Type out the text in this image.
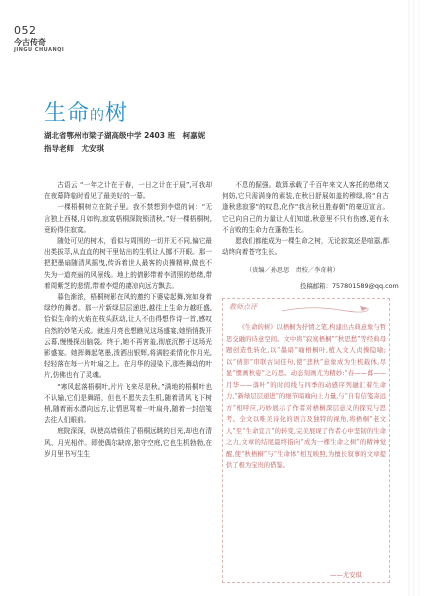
052
今古传奇
JINGU CHUANQI
生命的树
湖北省鄂州市梁子湖高级中学 2403 班　柯嘉妮
指导老师　尤安琪

古语云 “一年之计在于春，一日之计在于晨”,可我却在夜幕降临时看见了最美好的一幕。

一棵梧桐树立在院子里。我不禁想到李煜的词：“无言独上西楼,月如钩,寂寞梧桐深院锁清秋。”好一棵梧桐树,竟盼得住寂寞。

随处可见的树木，看似与周围的一切并无不同,偏它最出类拔萃,从直直的树干里钻出的生机让人挪不开眼。那一把把墨扇随清风摇曳,传诉着世人最客的贞操精神,做也不失为一道亮丽的风景线。地上的倩影带着李清照的愁绪,带着周紫芝的悲情,带着李煜的凄凉向远方飘去。

暮色渐浓，梧桐树影在风的邀约下婆娑起舞,宛如身着绿纱的舞者。那一片新绿层层递进,越往上生命力越旺盛,恰似生命的火焰在枝头跃动,让人不由得想作诗一首,感叹自然的妙笔天成。就连月亮也想瞧见这场盛宴,她悄悄拨开云幕,慢慢探出脑袋。终于,她不再害羞,彻底沉醉于这场光影盛宴。她挥舞起笔墨,泼洒出银辉,将满腔柔情化作月光,轻轻落在每一片叶扇之上。在月华的浸染下,那些舞动的叶片,仿佛也有了灵魂。

“寒风起落梧桐叶,片片飞来尽是秋。”满地的梧桐叶也不认输,它们是舞蹈，但也不愿失去生机,随着清风飞下树梢,随着雨水漂向远方,让情思驾着一叶扁舟,随着一封信笺去往人们眼前。

庭院深深，纵使高墙锁住了梧桐远眺的目光,却也有清风、月光相伴。即使偶尔缺席,独守空庭,它也生机勃勃,在岁月里书写生生

不息的倔强。敢算承载了千百年来文人客托的愁绪又何妨,它只需满身的素装,在秋日舒展如盖的穆绿,将“自古逢秋悲寂寥”的叹息,化作“我言秋日胜春朝”的豪迈宣言。它已向自己的力量让人们知道,秋意里不只有伤感,更有永不言败的生命力在蓬勃生长。

愿我们都能成为一棵生命之树，无论寂寞还是喧嚣,都动终向着苍穹生长。

（贵编／孙思思　责校／李奇莉）
投稿邮箱：757801589@qq.com
教师点评

《生命的树》以梧桐为抒情之笔,构建出古典意象与哲思交融的诗意空间。文中将“寂寞梧桐”“秋思愁”等经典母题创造性转化,以“墨扇”喻梧桐叶,植入文人贞操隐喻;以“倩影”串联古词佳句,使“悲秋”意象成为生机载体,尽显“惯画秋姿”之巧思。动态刻画尤为精妙:“春——暮——月华——落叶”的时间线与四季的动感序列融汇着生命力,“新绿层层递进”的细节暗喻向上力量,与“自有信笺寄远方”相呼应,巧妙展示了作者对梧桐深层意义的探究与思考。全文以唯美诗化的语言及独特的视角,将梧桐“老文人”至“生命宣言”的转变,完美展现了作者心中坚韧的生命之力,文章的结尾最终指向“成为一棵生命之树”的精神觉醒,使“秋梧桐”与“生命体”相互映照,为擅长叙事的文章提供了极为宝贵的借鉴。

——尤安琪
